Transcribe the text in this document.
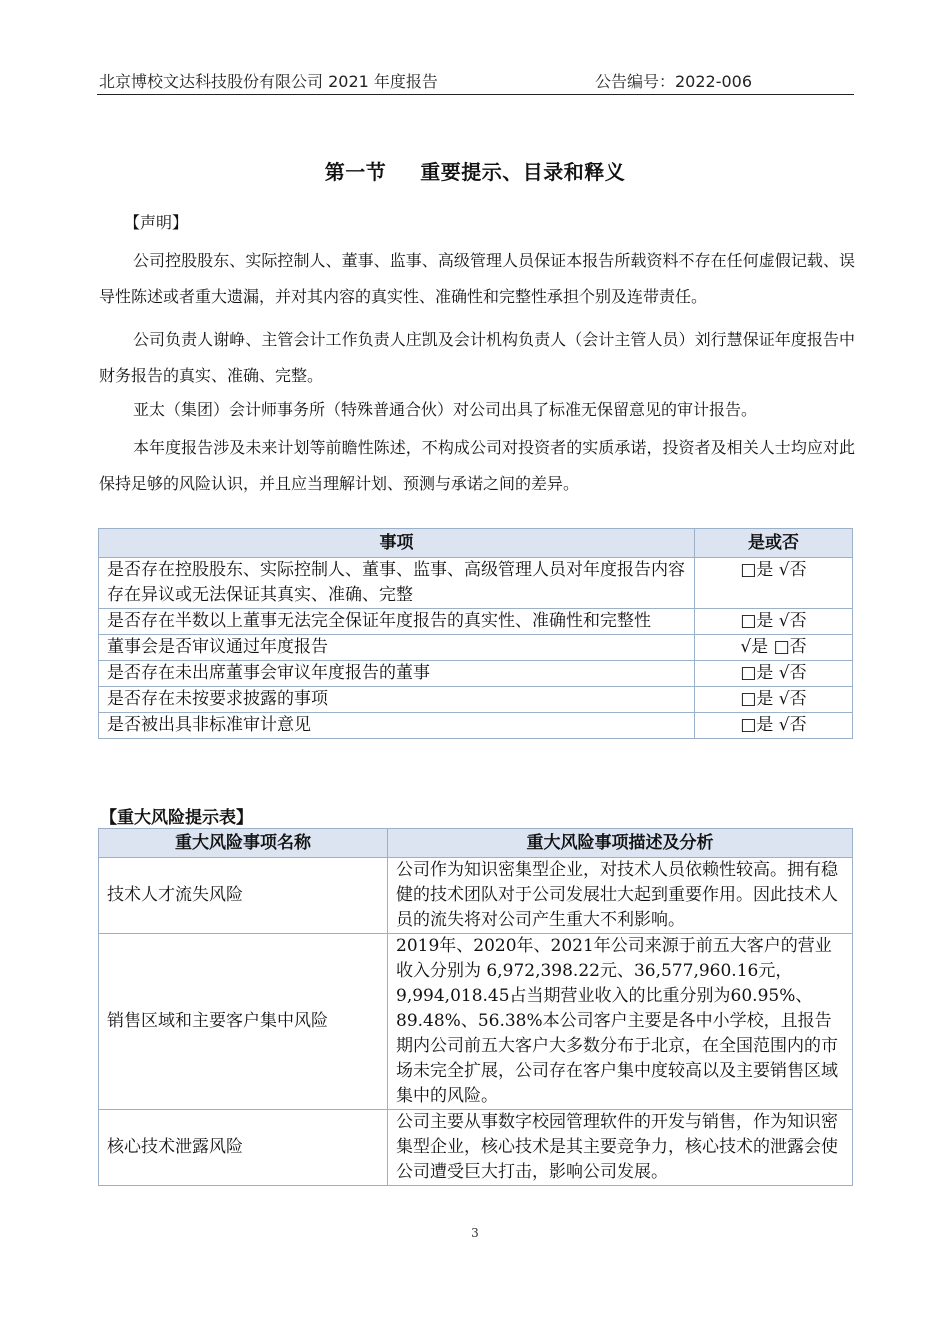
北京博校文达科技股份有限公司 2021 年度报告	公告编号：2022-006
第一节 重要提示、目录和释义
【声明】

公司控股股东、实际控制人、董事、监事、高级管理人员保证本报告所载资料不存在任何虚假记载、误导性陈述或者重大遗漏，并对其内容的真实性、准确性和完整性承担个别及连带责任。

公司负责人谢峥、主管会计工作负责人庄凯及会计机构负责人（会计主管人员）刘行慧保证年度报告中财务报告的真实、准确、完整。

亚太（集团）会计师事务所（特殊普通合伙）对公司出具了标准无保留意见的审计报告。

本年度报告涉及未来计划等前瞻性陈述，不构成公司对投资者的实质承诺，投资者及相关人士均应对此保持足够的风险认识，并且应当理解计划、预测与承诺之间的差异。

事项	是或否
是否存在控股股东、实际控制人、董事、监事、高级管理人员对年度报告内容存在异议或无法保证其真实、准确、完整	□是 √否
是否存在半数以上董事无法完全保证年度报告的真实性、准确性和完整性	□是 √否
董事会是否审议通过年度报告	√是 □否
是否存在未出席董事会审议年度报告的董事	□是 √否
是否存在未按要求披露的事项	□是 √否
是否被出具非标准审计意见	□是 √否
【重大风险提示表】
重大风险事项名称	重大风险事项描述及分析
技术人才流失风险	公司作为知识密集型企业，对技术人员依赖性较高。拥有稳健的技术团队对于公司发展壮大起到重要作用。因此技术人员的流失将对公司产生重大不利影响。
销售区域和主要客户集中风险	2019年、2020年、2021年公司来源于前五大客户的营业收入分别为 6,972,398.22元、36,577,960.16元，9,994,018.45占当期营业收入的比重分别为60.95%、89.48%、56.38%本公司客户主要是各中小学校，且报告期内公司前五大客户大多数分布于北京，在全国范围内的市场未完全扩展，公司存在客户集中度较高以及主要销售区域集中的风险。
核心技术泄露风险	公司主要从事数字校园管理软件的开发与销售，作为知识密集型企业，核心技术是其主要竞争力，核心技术的泄露会使公司遭受巨大打击，影响公司发展。
3
